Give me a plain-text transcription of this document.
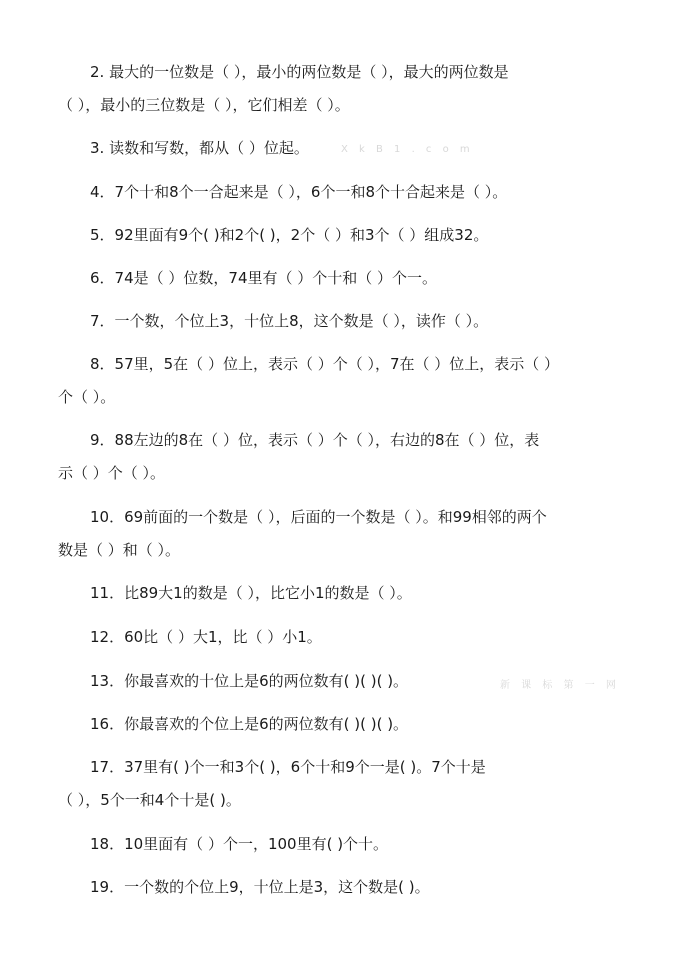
2. 最大的一位数是（ ），最小的两位数是（ ），最大的两位数是
（ ），最小的三位数是（ ），它们相差（ ）。
3. 读数和写数，都从（ ）位起。	X k B 1 . c o m
4．7个十和8个一合起来是（ ），6个一和8个十合起来是（ ）。
5．92里面有9个( )和2个( )，2个（ ）和3个（ ）组成32。
6．74是（ ）位数，74里有（ ）个十和（ ）个一。
7．一个数，个位上3，十位上8，这个数是（ ），读作（ ）。
8．57里，5在（ ）位上，表示（ ）个（ ），7在（ ）位上，表示（ ）
个（ ）。
9．88左边的8在（ ）位，表示（ ）个（ ），右边的8在（ ）位，表
示（ ）个（ ）。
10．69前面的一个数是（ ），后面的一个数是（ ）。和99相邻的两个
数是（ ）和（ ）。
11．比89大1的数是（ ），比它小1的数是（ ）。
12．60比（ ）大1，比（ ）小1。
13．你最喜欢的十位上是6的两位数有( )( )( )。	新 课 标 第 一 网
16．你最喜欢的个位上是6的两位数有( )( )( )。
17．37里有( )个一和3个( )，6个十和9个一是( )。7个十是
（ ），5个一和4个十是( )。
18．10里面有（ ）个一，100里有( )个十。
19．一个数的个位上9，十位上是3，这个数是( )。
